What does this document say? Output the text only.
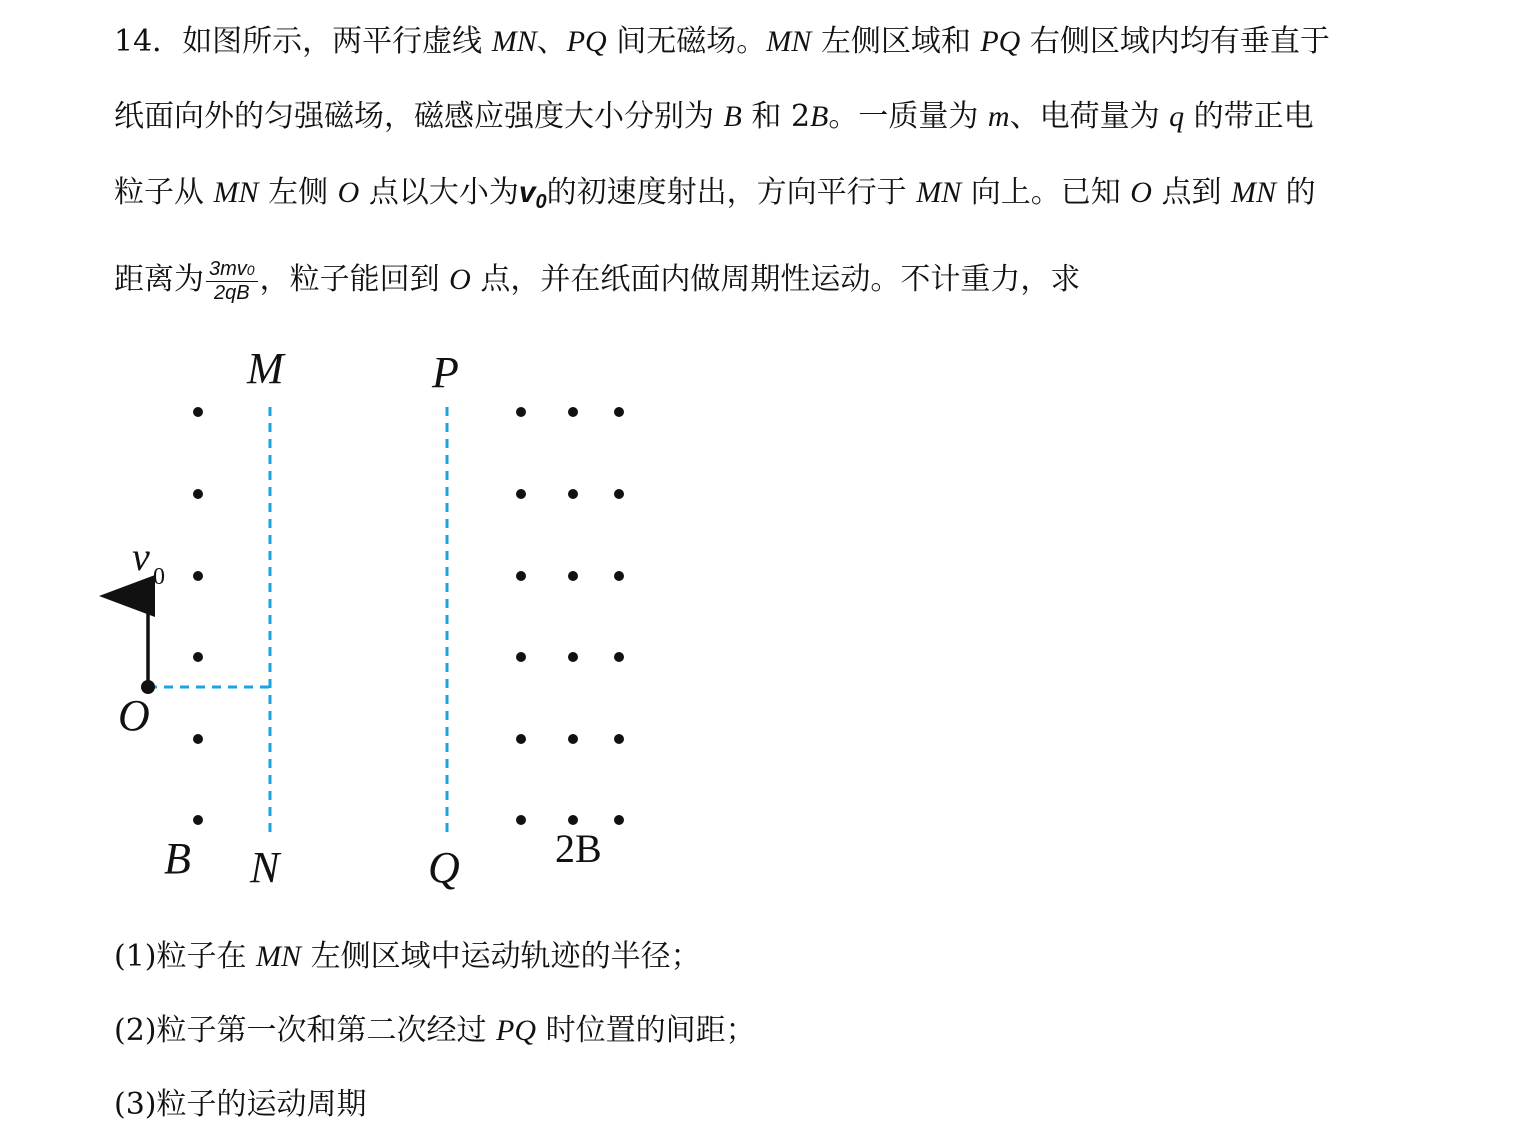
14．如图所示，两平行虚线 MN、PQ 间无磁场。MN 左侧区域和 PQ 右侧区域内均有垂直于
纸面向外的匀强磁场，磁感应强度大小分别为 B 和 2B。一质量为 m、电荷量为 q 的带正电
粒子从 MN 左侧 O 点以大小为$v_0$的初速度射出，方向平行于 MN 向上。已知 O 点到 MN 的
距离为 $\frac{3mv0}{2qB}$ ，粒子能回到 O 点，并在纸面内做周期性运动。不计重力，求
M	P
N	Q
O
B	2B
v 0
(1)粒子在 MN 左侧区域中运动轨迹的半径；
(2)粒子第一次和第二次经过 PQ 时位置的间距；
(3)粒子的运动周期
